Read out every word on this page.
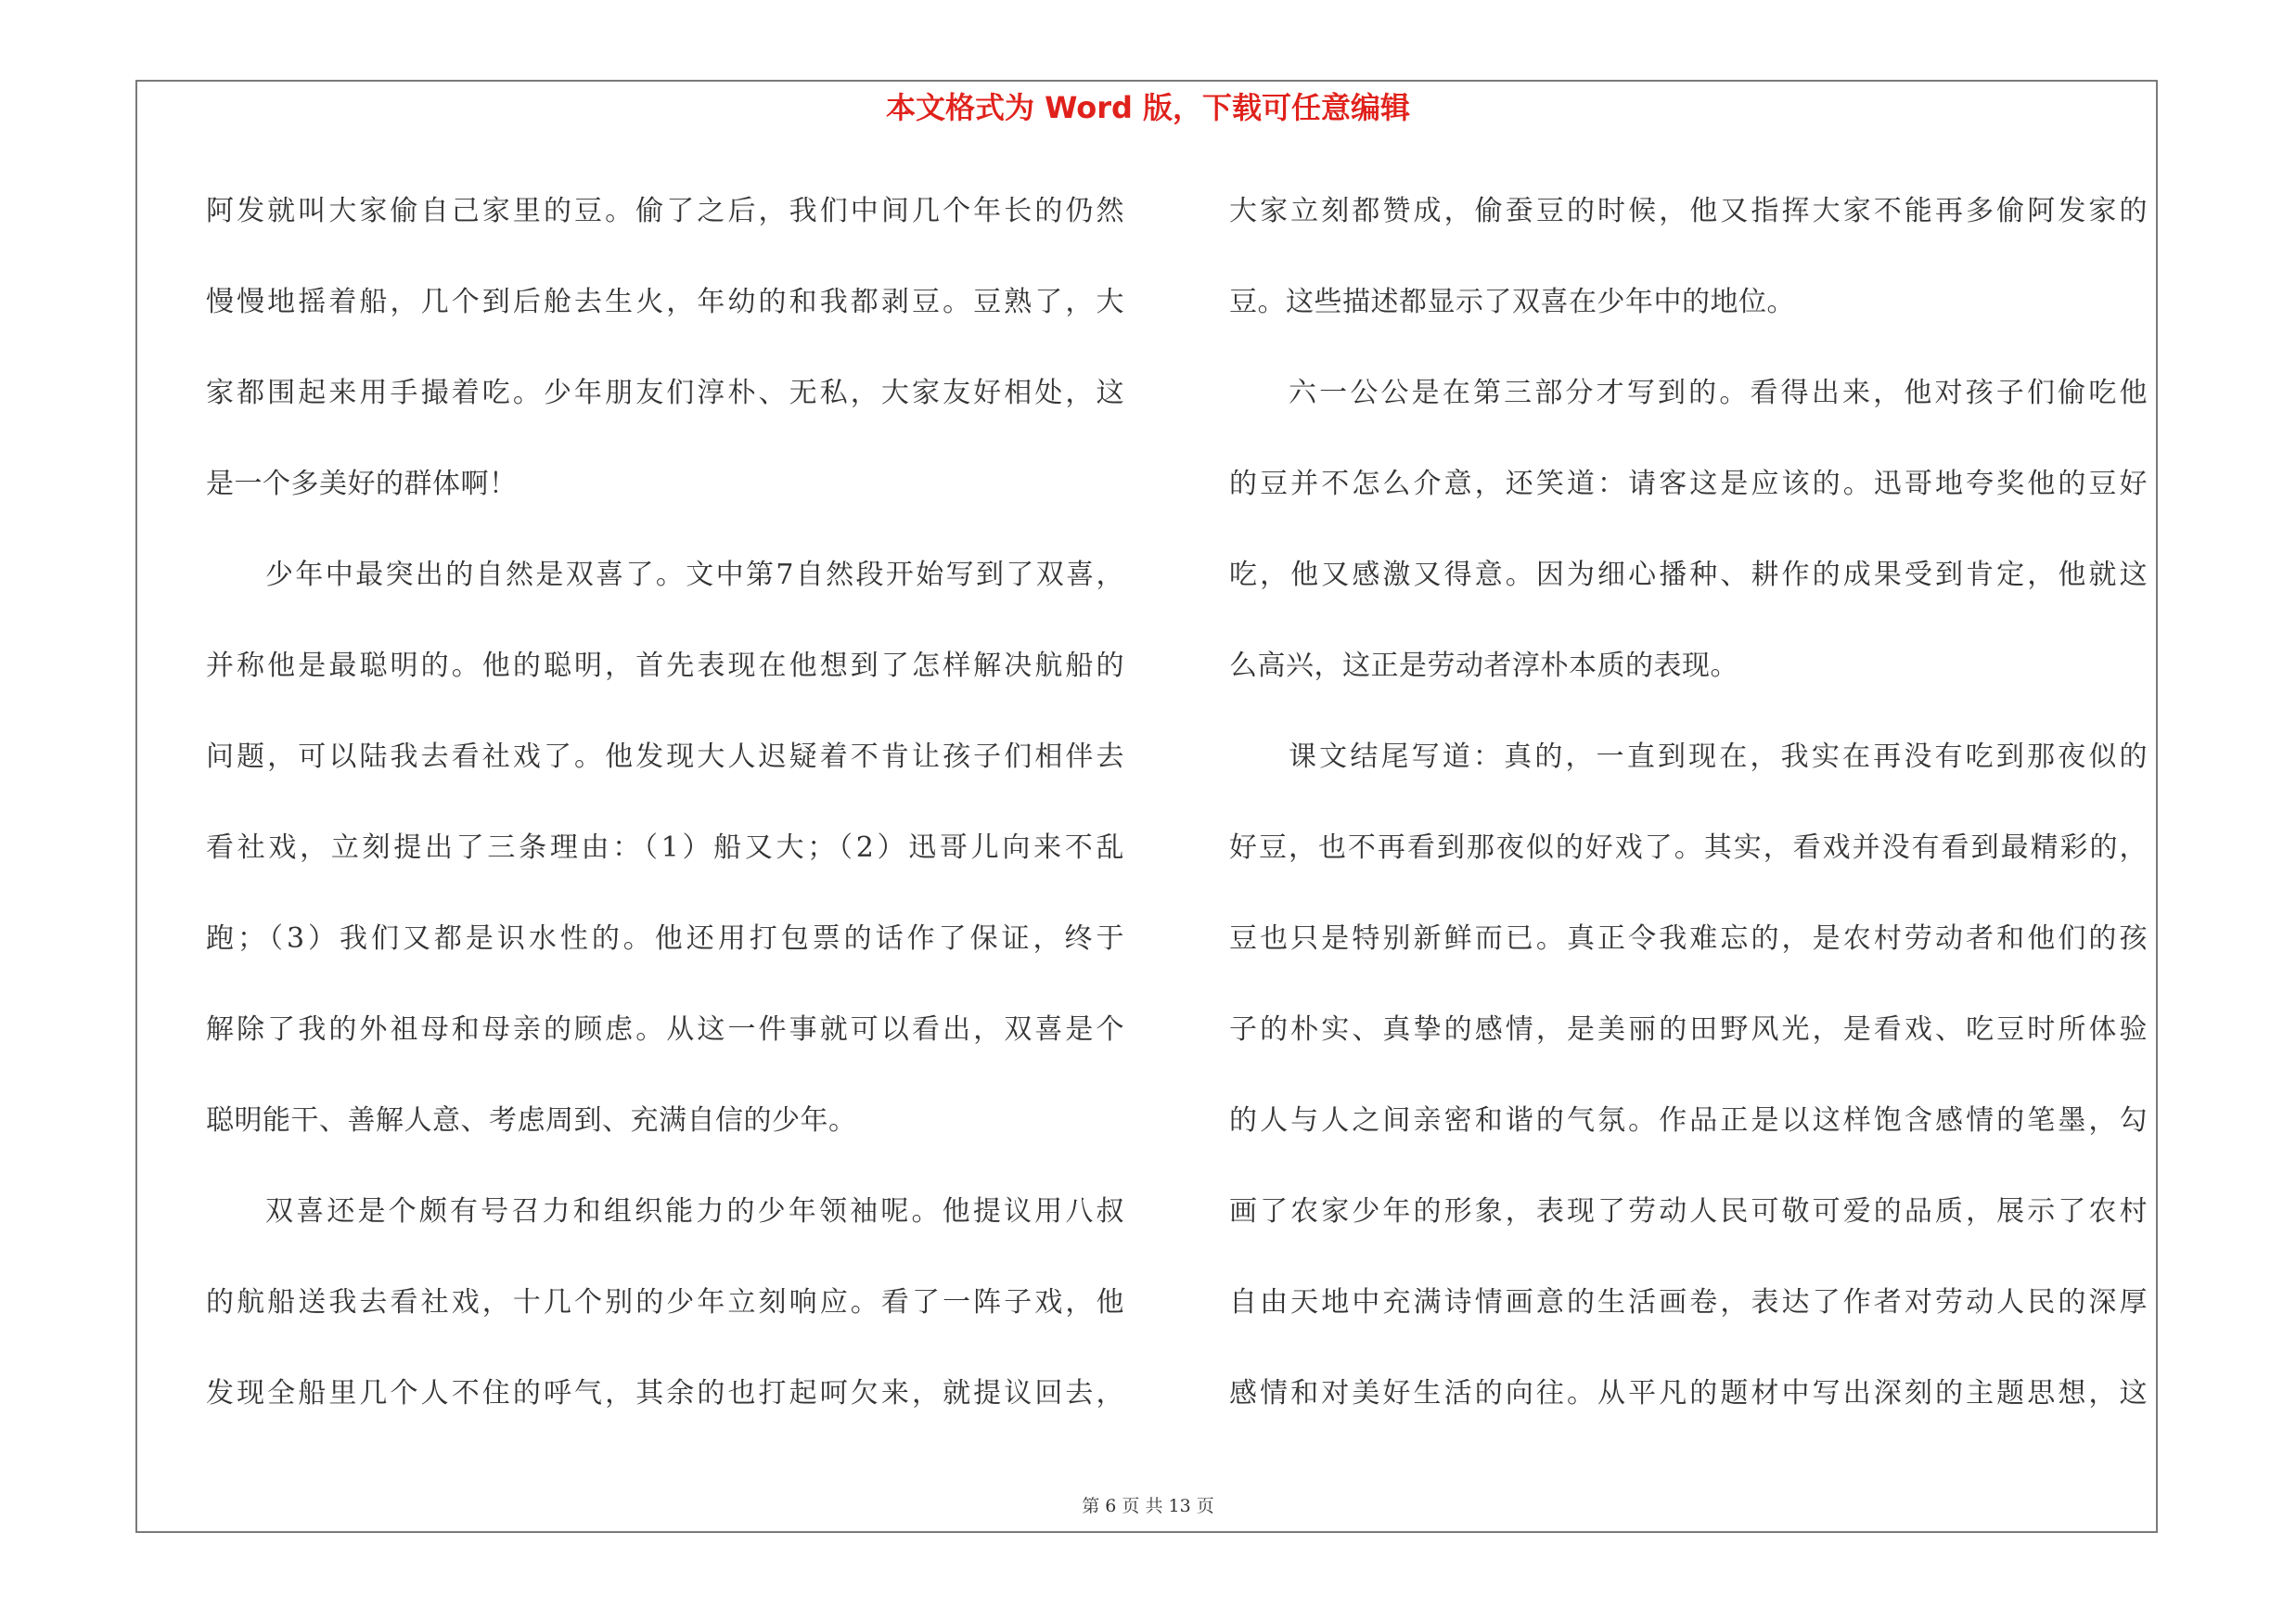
本文格式为 Word 版，下载可任意编辑
阿发就叫大家偷自己家里的豆。偷了之后，我们中间几个年长的仍然
慢慢地摇着船，几个到后舱去生火，年幼的和我都剥豆。豆熟了，大
家都围起来用手撮着吃。少年朋友们淳朴、无私，大家友好相处，这
是一个多美好的群体啊！
少年中最突出的自然是双喜了。文中第7自然段开始写到了双喜，
并称他是最聪明的。他的聪明，首先表现在他想到了怎样解决航船的
问题，可以陆我去看社戏了。他发现大人迟疑着不肯让孩子们相伴去
看社戏，立刻提出了三条理由：（1）船又大；（2）迅哥儿向来不乱
跑；（3）我们又都是识水性的。他还用打包票的话作了保证，终于
解除了我的外祖母和母亲的顾虑。从这一件事就可以看出，双喜是个
聪明能干、善解人意、考虑周到、充满自信的少年。
双喜还是个颇有号召力和组织能力的少年领袖呢。他提议用八叔
的航船送我去看社戏，十几个别的少年立刻响应。看了一阵子戏，他
发现全船里几个人不住的呼气，其余的也打起呵欠来，就提议回去，
大家立刻都赞成，偷蚕豆的时候，他又指挥大家不能再多偷阿发家的
豆。这些描述都显示了双喜在少年中的地位。
六一公公是在第三部分才写到的。看得出来，他对孩子们偷吃他
的豆并不怎么介意，还笑道：请客这是应该的。迅哥地夸奖他的豆好
吃，他又感激又得意。因为细心播种、耕作的成果受到肯定，他就这
么高兴，这正是劳动者淳朴本质的表现。
课文结尾写道：真的，一直到现在，我实在再没有吃到那夜似的
好豆，也不再看到那夜似的好戏了。其实，看戏并没有看到最精彩的，
豆也只是特别新鲜而已。真正令我难忘的，是农村劳动者和他们的孩
子的朴实、真挚的感情，是美丽的田野风光，是看戏、吃豆时所体验
的人与人之间亲密和谐的气氛。作品正是以这样饱含感情的笔墨，勾
画了农家少年的形象，表现了劳动人民可敬可爱的品质，展示了农村
自由天地中充满诗情画意的生活画卷，表达了作者对劳动人民的深厚
感情和对美好生活的向往。从平凡的题材中写出深刻的主题思想，这
第 6 页 共 13 页
